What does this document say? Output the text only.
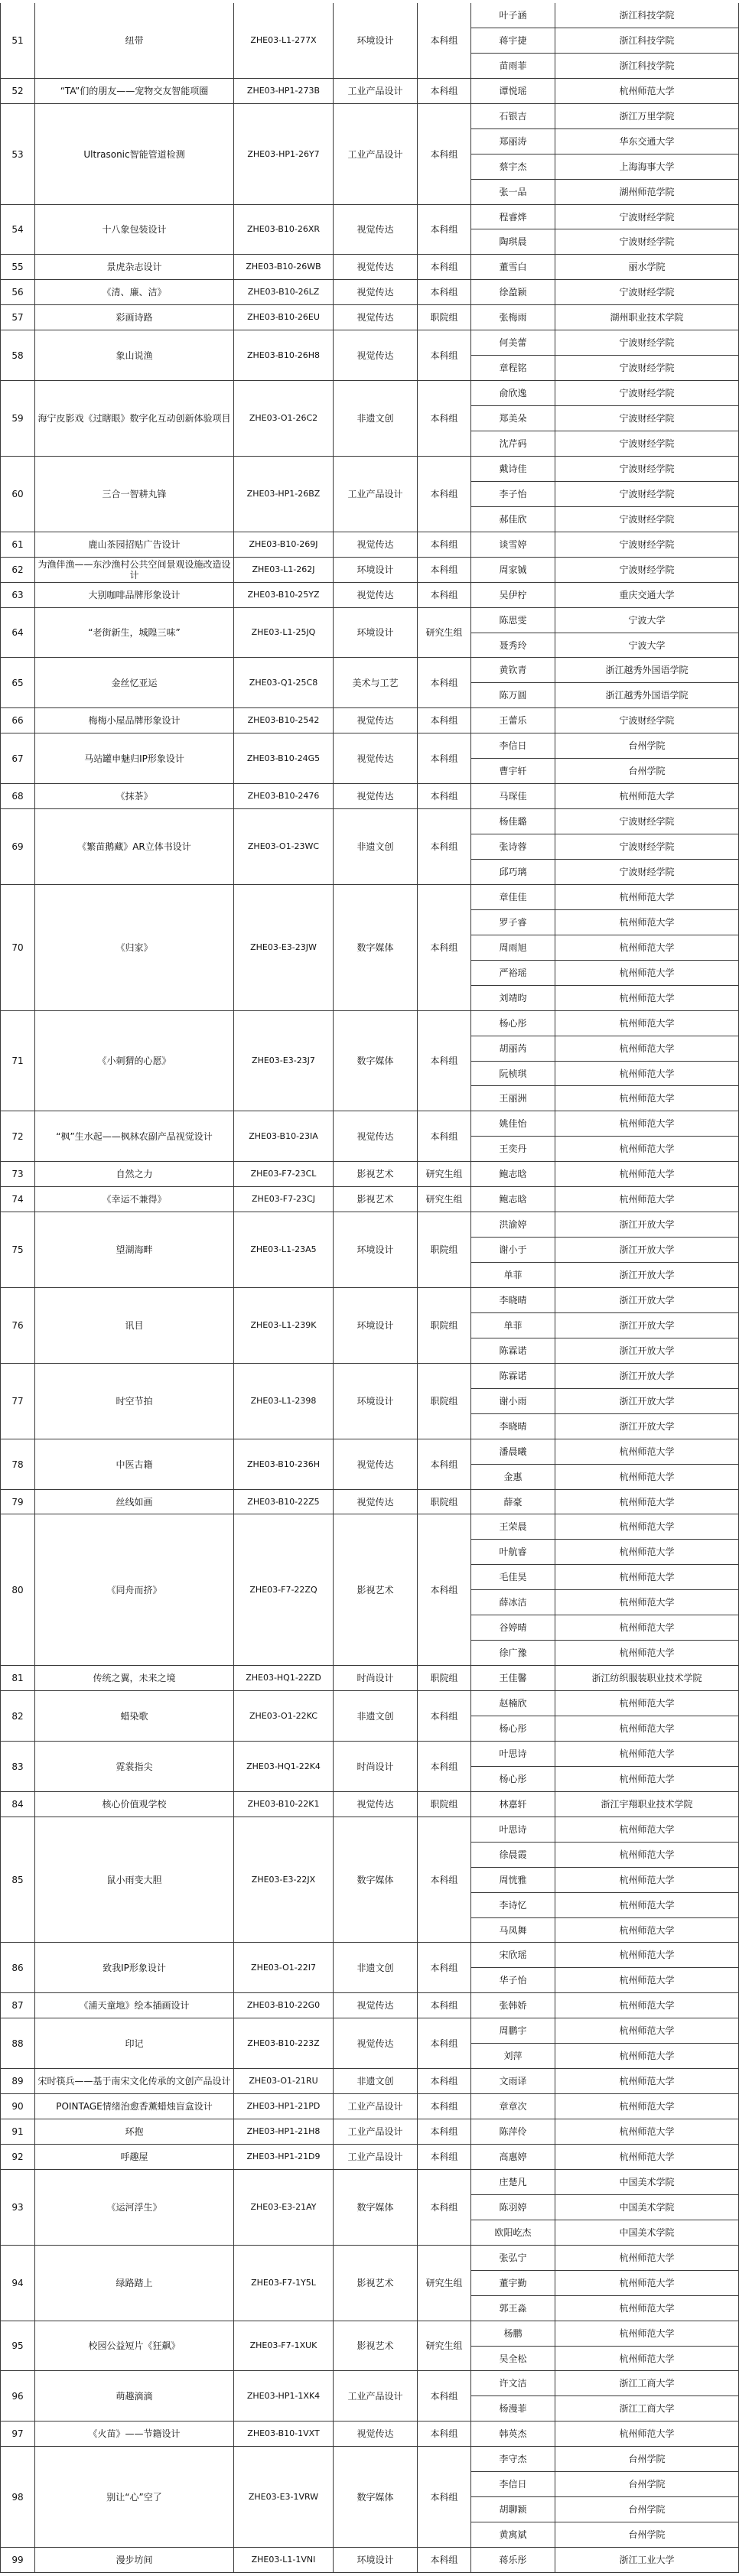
51	纽带	ZHE03-L1-277X	环境设计	本科组
叶子涵	浙江科技学院
蒋宇捷	浙江科技学院
苗雨菲	浙江科技学院
52	“TA”们的朋友——宠物交友智能项圈	ZHE03-HP1-273B	工业产品设计	本科组	谭悦瑶	杭州师范大学
53	Ultrasonic智能管道检测	ZHE03-HP1-26Y7	工业产品设计	本科组
石银吉	浙江万里学院
郑丽涛	华东交通大学
蔡宇杰	上海海事大学
张一品	湖州师范学院
54	十八象包装设计	ZHE03-B10-26XR	视觉传达	本科组
程睿烨	宁波财经学院
陶琪晨	宁波财经学院
55	景虎杂志设计	ZHE03-B10-26WB	视觉传达	本科组	董雪白	丽水学院
56	《清、廉、洁》	ZHE03-B10-26LZ	视觉传达	本科组	徐盈颖	宁波财经学院
57	彩画诗路	ZHE03-B10-26EU	视觉传达	职院组	张梅雨	湖州职业技术学院
58	象山说渔	ZHE03-B10-26H8	视觉传达	本科组
何美蕾	宁波财经学院
章程铭	宁波财经学院
59	海宁皮影戏《过瞎眼》数字化互动创新体验项目	ZHE03-O1-26C2	非遗文创	本科组
俞欣逸	宁波财经学院
郑美朵	宁波财经学院
沈芹码	宁波财经学院
60	三合一智耕丸锋	ZHE03-HP1-26BZ	工业产品设计	本科组
戴诗佳	宁波财经学院
李子怡	宁波财经学院
郝佳欣	宁波财经学院
61	鹿山茶园招贴广告设计	ZHE03-B10-269J	视觉传达	本科组	谈雪婷	宁波财经学院
62	为渔伴渔——东沙渔村公共空间景观设施改造设计
ZHE03-L1-262J	环境设计	本科组	周家铖	宁波财经学院
63	大别咖啡品牌形象设计	ZHE03-B10-25YZ	视觉传达	本科组	吴伊柠	重庆交通大学
64	“老街新生，城隍三味”	ZHE03-L1-25JQ	环境设计	研究生组
陈思雯	宁波大学
聂秀玲	宁波大学
65	金丝忆亚运	ZHE03-Q1-25C8	美术与工艺	本科组
黄钦青	浙江越秀外国语学院
陈万圆	浙江越秀外国语学院
66	梅梅小屋品牌形象设计	ZHE03-B10-2542	视觉传达	本科组	王蕾乐	宁波财经学院
67	马站罐申魅归IP形象设计	ZHE03-B10-24G5	视觉传达	本科组
李信日	台州学院
曹宇轩	台州学院
68	《抹茶》	ZHE03-B10-2476	视觉传达	本科组	马琛佳	杭州师范大学
69	《繁苗鹅藏》AR立体书设计	ZHE03-O1-23WC	非遗文创	本科组
杨佳璐	宁波财经学院
张诗蓉	宁波财经学院
邱巧璃	宁波财经学院
70	《归家》	ZHE03-E3-23JW	数字媒体	本科组
章佳佳	杭州师范大学
罗子睿	杭州师范大学
周雨旭	杭州师范大学
严裕瑶	杭州师范大学
刘靖昀	杭州师范大学
71	《小刺猬的心愿》	ZHE03-E3-23J7	数字媒体	本科组
杨心彤	杭州师范大学
胡丽芮	杭州师范大学
阮桢琪	杭州师范大学
王丽洲	杭州师范大学
72	“枫”生水起——枫林农副产品视觉设计	ZHE03-B10-23IA	视觉传达	本科组
姚佳怡	杭州师范大学
王奕丹	杭州师范大学
73	自然之力	ZHE03-F7-23CL	影视艺术	研究生组	鲍志晗	杭州师范大学
74	《幸运不兼得》	ZHE03-F7-23CJ	影视艺术	研究生组	鲍志晗	杭州师范大学
75	望湖海畔	ZHE03-L1-23A5	环境设计	职院组
洪渝婷	浙江开放大学
谢小于	浙江开放大学
单菲	浙江开放大学
76	讯目	ZHE03-L1-239K	环境设计	职院组
李晓晴	浙江开放大学
单菲	浙江开放大学
陈霖诺	浙江开放大学
77	时空节拍	ZHE03-L1-2398	环境设计	职院组
陈霖诺	浙江开放大学
谢小雨	浙江开放大学
李晓晴	浙江开放大学
78	中医古籍	ZHE03-B10-236H	视觉传达	本科组
潘晨曦	杭州师范大学
金惠	杭州师范大学
79	丝线如画	ZHE03-B10-22Z5	视觉传达	职院组	薛豪	杭州师范大学
80	《同舟而挤》	ZHE03-F7-22ZQ	影视艺术	本科组
王荣晨	杭州师范大学
叶航睿	杭州师范大学
毛佳昊	杭州师范大学
薛冰洁	杭州师范大学
谷婷晴	杭州师范大学
徐广豫	杭州师范大学
81	传统之翼，未来之境	ZHE03-HQ1-22ZD	时尚设计	职院组	王佳馨	浙江纺织服装职业技术学院
82	蜡染歌	ZHE03-O1-22KC	非遗文创	本科组
赵楠欣	杭州师范大学
杨心彤	杭州师范大学
83	霓裳指尖	ZHE03-HQ1-22K4	时尚设计	本科组
叶思诗	杭州师范大学
杨心彤	杭州师范大学
84	核心价值观学校	ZHE03-B10-22K1	视觉传达	职院组	林嘉轩	浙江宇翔职业技术学院
85	鼠小雨变大胆	ZHE03-E3-22JX	数字媒体	本科组
叶思诗	杭州师范大学
徐晨霞	杭州师范大学
周恍雅	杭州师范大学
李诗忆	杭州师范大学
马凤舞	杭州师范大学
86	致我IP形象设计	ZHE03-O1-22I7	非遗文创	本科组
宋欣瑶	杭州师范大学
华子怡	杭州师范大学
87	《浦天童地》绘本插画设计	ZHE03-B10-22G0	视觉传达	本科组	张韩娇	杭州师范大学
88	印记	ZHE03-B10-223Z	视觉传达	本科组
周鹏宇	杭州师范大学
刘萍	杭州师范大学
89	宋时筷兵——基于南宋文化传承的文创产品设计	ZHE03-O1-21RU	非遗文创	本科组	文雨译	杭州师范大学
90	POINTAGE情绪治愈香薰蜡烛盲盒设计	ZHE03-HP1-21PD	工业产品设计	本科组	章章次	杭州师范大学
91	环抱	ZHE03-HP1-21H8	工业产品设计	本科组	陈萍伶	杭州师范大学
92	呼趣屋	ZHE03-HP1-21D9	工业产品设计	本科组	高惠婷	杭州师范大学
93	《运河浮生》	ZHE03-E3-21AY	数字媒体	本科组
庄楚凡	中国美术学院
陈羽婷	中国美术学院
欧阳屹杰	中国美术学院
94	绿路踏上	ZHE03-F7-1Y5L	影视艺术	研究生组
张弘宁	杭州师范大学
董宇勤	杭州师范大学
郭王淼	杭州师范大学
95	校园公益短片《狂飙》	ZHE03-F7-1XUK	影视艺术	研究生组
杨鹏	杭州师范大学
吴全松	杭州师范大学
96	萌趣滴滴	ZHE03-HP1-1XK4	工业产品设计	本科组
许文洁	浙江工商大学
杨漫菲	浙江工商大学
97	《火苗》——节籍设计	ZHE03-B10-1VXT	视觉传达	本科组	韩英杰	杭州师范大学
98	别让“心”空了	ZHE03-E3-1VRW	数字媒体	本科组
李守杰	台州学院
李信日	台州学院
胡聊颖	台州学院
黄寓斌	台州学院
99	漫步坊间	ZHE03-L1-1VNI	环境设计	本科组	蒋乐彤	浙江工业大学
